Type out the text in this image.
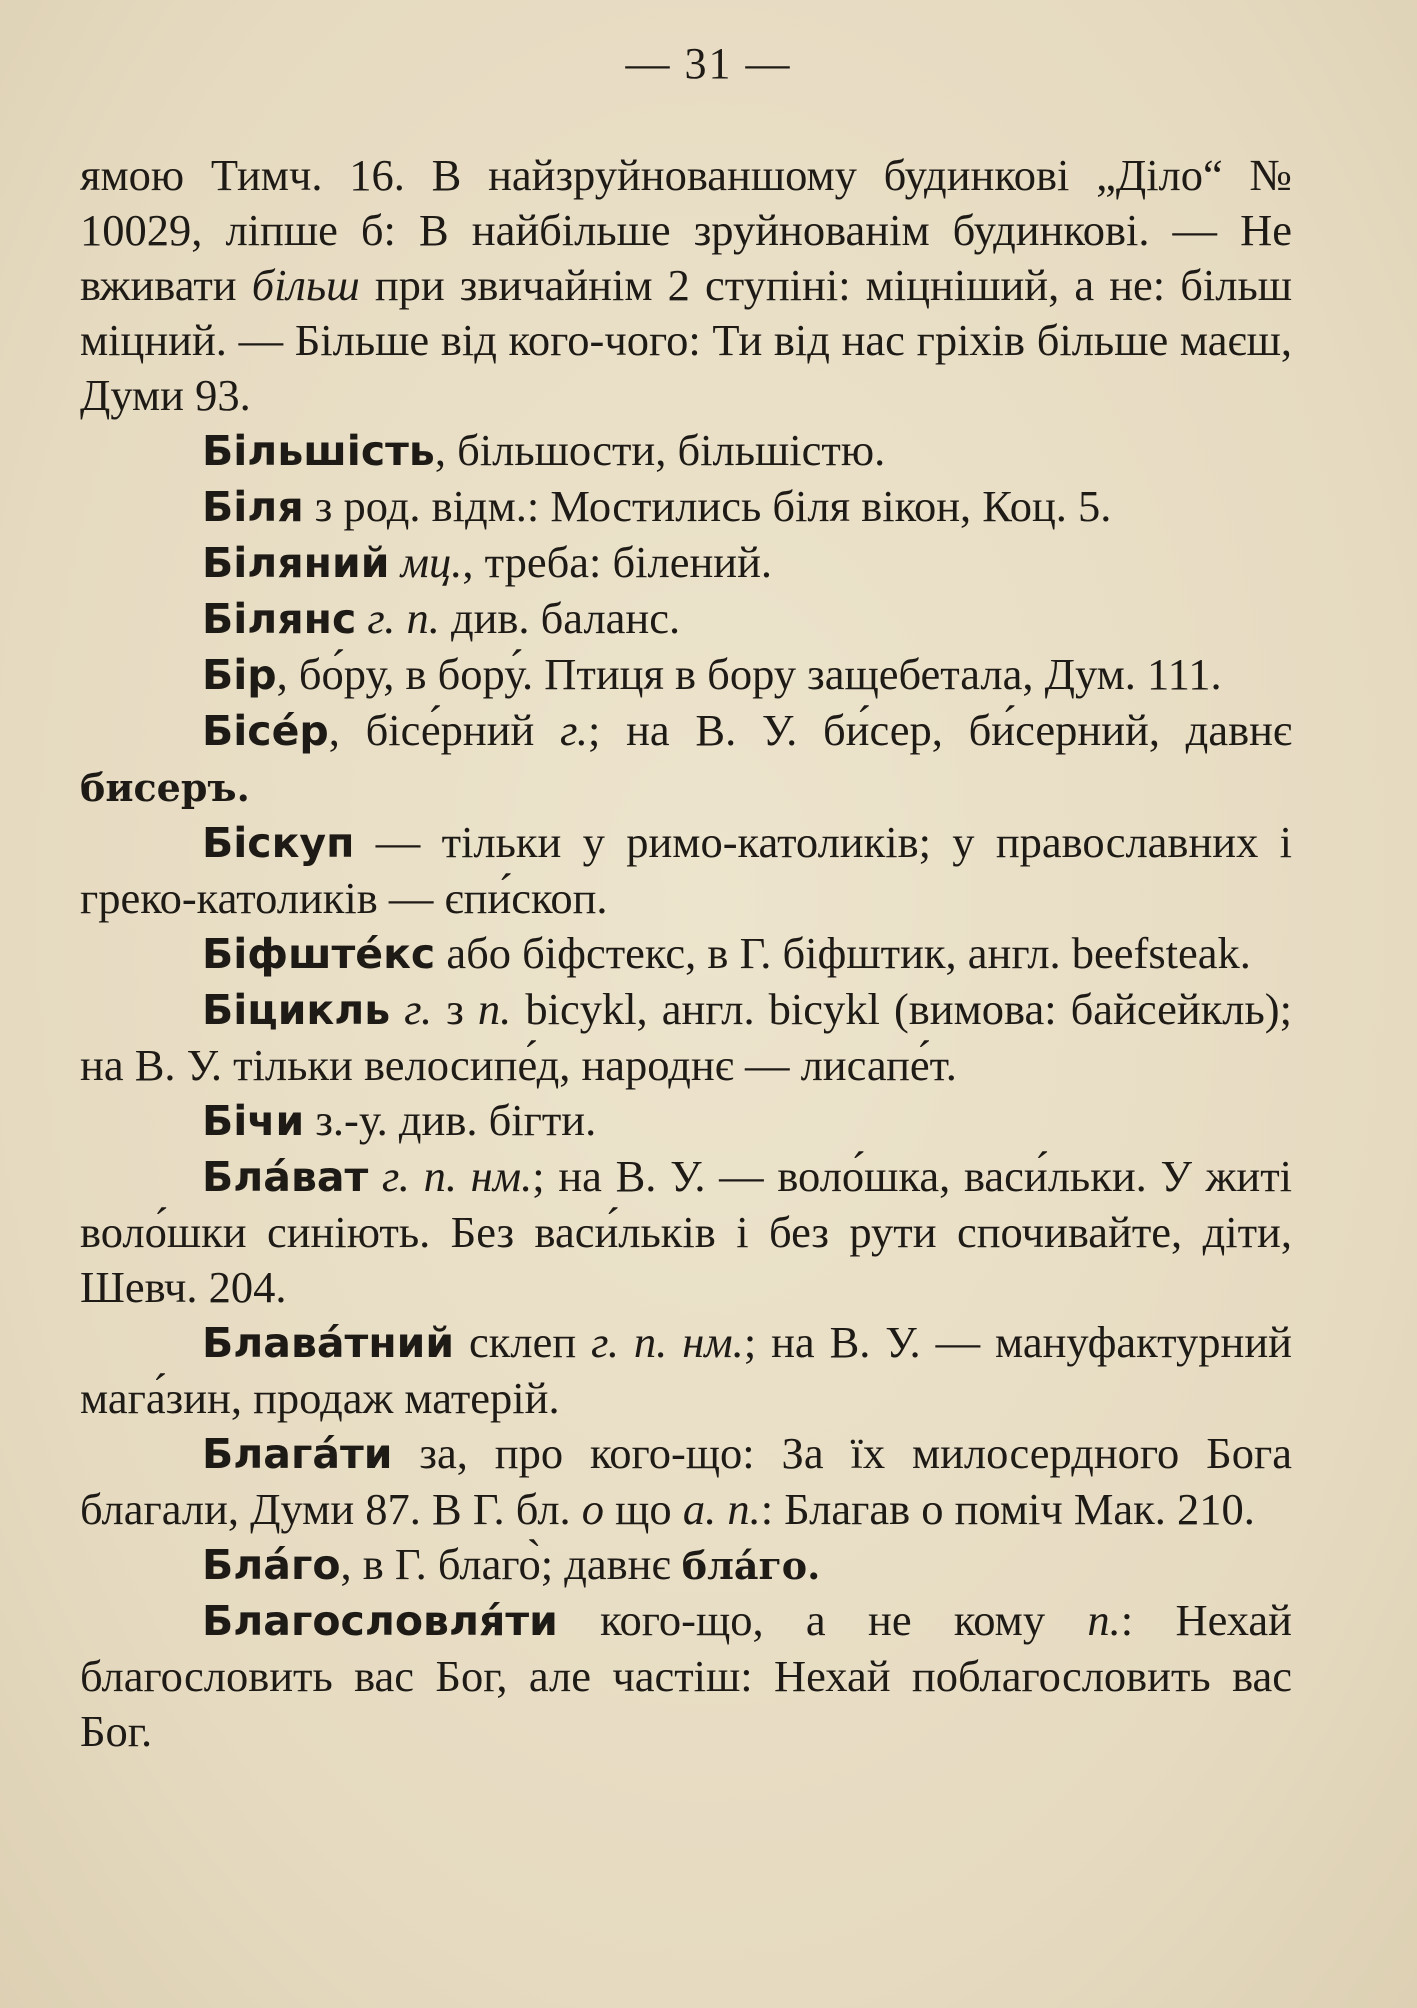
— 31 —

ямою Тимч. 16. В найзруйнованшому будинкові „Діло“ № 10029, ліпше б: В найбільше зруйнованім будинкові. — Не вживати більш при звичайнім 2 ступіні: міцніший, а не: більш міцний. — Більше від кого-чого: Ти від нас гріхів більше маєш, Думи 93.

Більшість, більшости, більшістю.

Біля з род. відм.: Мостились біля вікон, Коц. 5.

Біляний мц., треба: білений.

Білянс г. п. див. баланс.

Бір, бо́ру, в бору́. Птиця в бору защебетала, Дум. 111.

Бісе́р, бісе́рний г.; на В. У. би́сер, би́серний, давнє бисеръ.

Біскуп — тільки у римо-католиків; у православних і греко-католиків — єпи́скоп.

Біфште́кс або біфстекс, в Г. біфштик, англ. beefsteak.

Біцикль г. з п. bicykl, англ. bicykl (вимова: байсейкль); на В. У. тільки велосипе́д, народнє — лисапе́т.

Бічи з.-у. див. бігти.

Бла́ват г. п. нм.; на В. У. — воло́шка, васи́льки. У житі воло́шки синіють. Без васи́льків і без рути спочивайте, діти, Шевч. 204.

Блава́тний склеп г. п. нм.; на В. У. — мануфактурний мага́зин, продаж матерій.

Блага́ти за, про кого-що: За їх милосердного Бога благали, Думи 87. В Г. бл. о що а. п.: Благав о поміч Мак. 210.

Бла́го, в Г. благо̀; давнє бла́го.

Благословля́ти кого-що, а не кому п.: Нехай благословить вас Бог, але частіш: Нехай поблагословить вас Бог.
